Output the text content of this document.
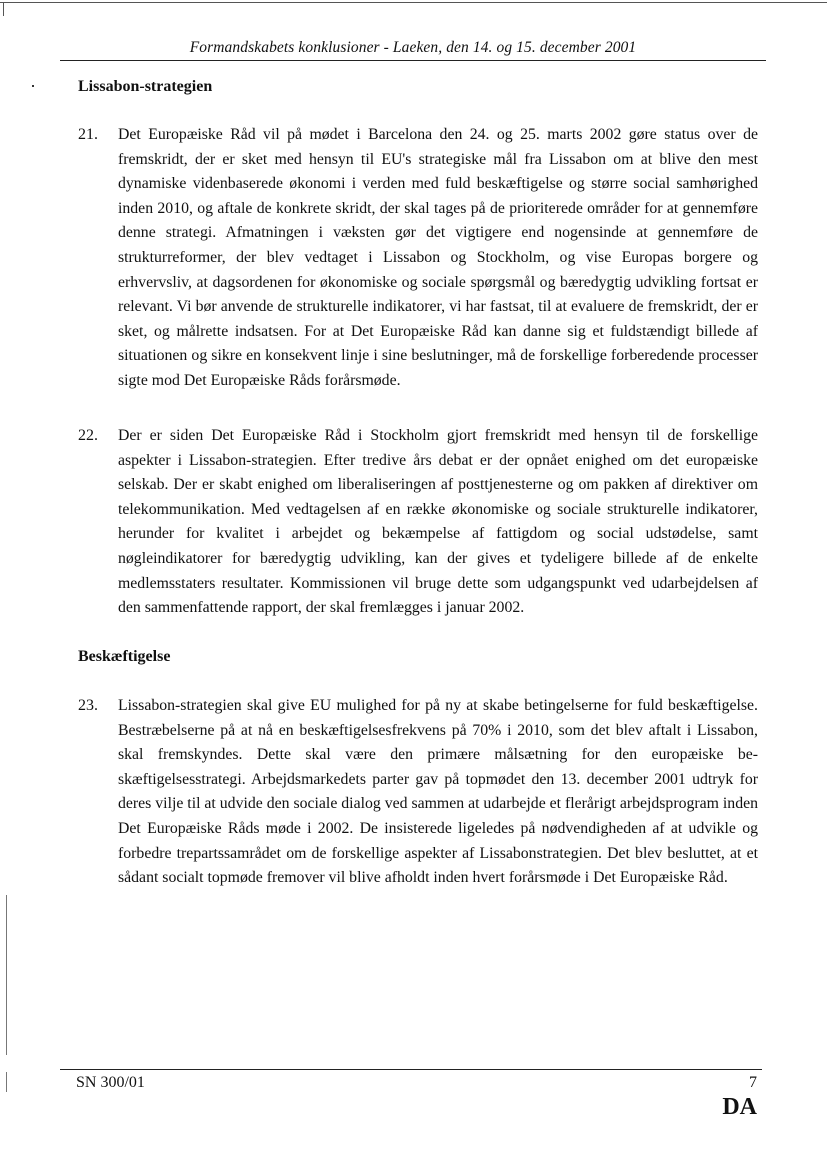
Formandskabets konklusioner - Laeken, den 14. og 15. december 2001
Lissabon-strategien
21. Det Europæiske Råd vil på mødet i Barcelona den 24. og 25. marts 2002 gøre status over de fremskridt, der er sket med hensyn til EU's strategiske mål fra Lissabon om at blive den mest dynamiske videnbaserede økonomi i verden med fuld beskæftigelse og større social samhørighed inden 2010, og aftale de konkrete skridt, der skal tages på de prioriterede områder for at gennemføre denne strategi. Afmatningen i væksten gør det vigtigere end nogensinde at gennemføre de strukturreformer, der blev vedtaget i Lissabon og Stockholm, og vise Europas borgere og erhvervsliv, at dagsordenen for økonomiske og sociale spørgsmål og bæredygtig udvikling fortsat er relevant. Vi bør anvende de strukturelle indikatorer, vi har fastsat, til at evaluere de fremskridt, der er sket, og målrette indsatsen. For at Det Europæiske Råd kan danne sig et fuldstændigt billede af situationen og sikre en konsekvent linje i sine beslutninger, må de forskellige forberedende processer sigte mod Det Europæiske Råds forårsmøde.
22. Der er siden Det Europæiske Råd i Stockholm gjort fremskridt med hensyn til de forskellige aspekter i Lissabon-strategien. Efter tredive års debat er der opnået enighed om det europæiske selskab. Der er skabt enighed om liberaliseringen af posttjenesterne og om pakken af direktiver om telekommunikation. Med vedtagelsen af en række økonomiske og sociale strukturelle indikatorer, herunder for kvalitet i arbejdet og bekæmpelse af fattigdom og social udstødelse, samt nøgleindikatorer for bæredygtig udvikling, kan der gives et tydeligere billede af de enkelte medlemsstaters resultater. Kommissionen vil bruge dette som udgangspunkt ved udarbejdelsen af den sammenfattende rapport, der skal fremlægges i januar 2002.
Beskæftigelse
23. Lissabon-strategien skal give EU mulighed for på ny at skabe betingelserne for fuld beskæftigelse. Bestræbelserne på at nå en beskæftigelsesfrekvens på 70% i 2010, som det blev aftalt i Lissabon, skal fremskyndes. Dette skal være den primære målsætning for den europæiske beskæftigelsesstrategi. Arbejdsmarkedets parter gav på topmødet den 13. december 2001 udtryk for deres vilje til at udvide den sociale dialog ved sammen at udarbejde et flerårigt arbejdsprogram inden Det Europæiske Råds møde i 2002. De insisterede ligeledes på nødvendigheden af at udvikle og forbedre trepartssamrådet om de forskellige aspekter af Lissabonstrategien. Det blev besluttet, at et sådant socialt topmøde fremover vil blive afholdt inden hvert forårsmøde i Det Europæiske Råd.
SN 300/01	7
DA
